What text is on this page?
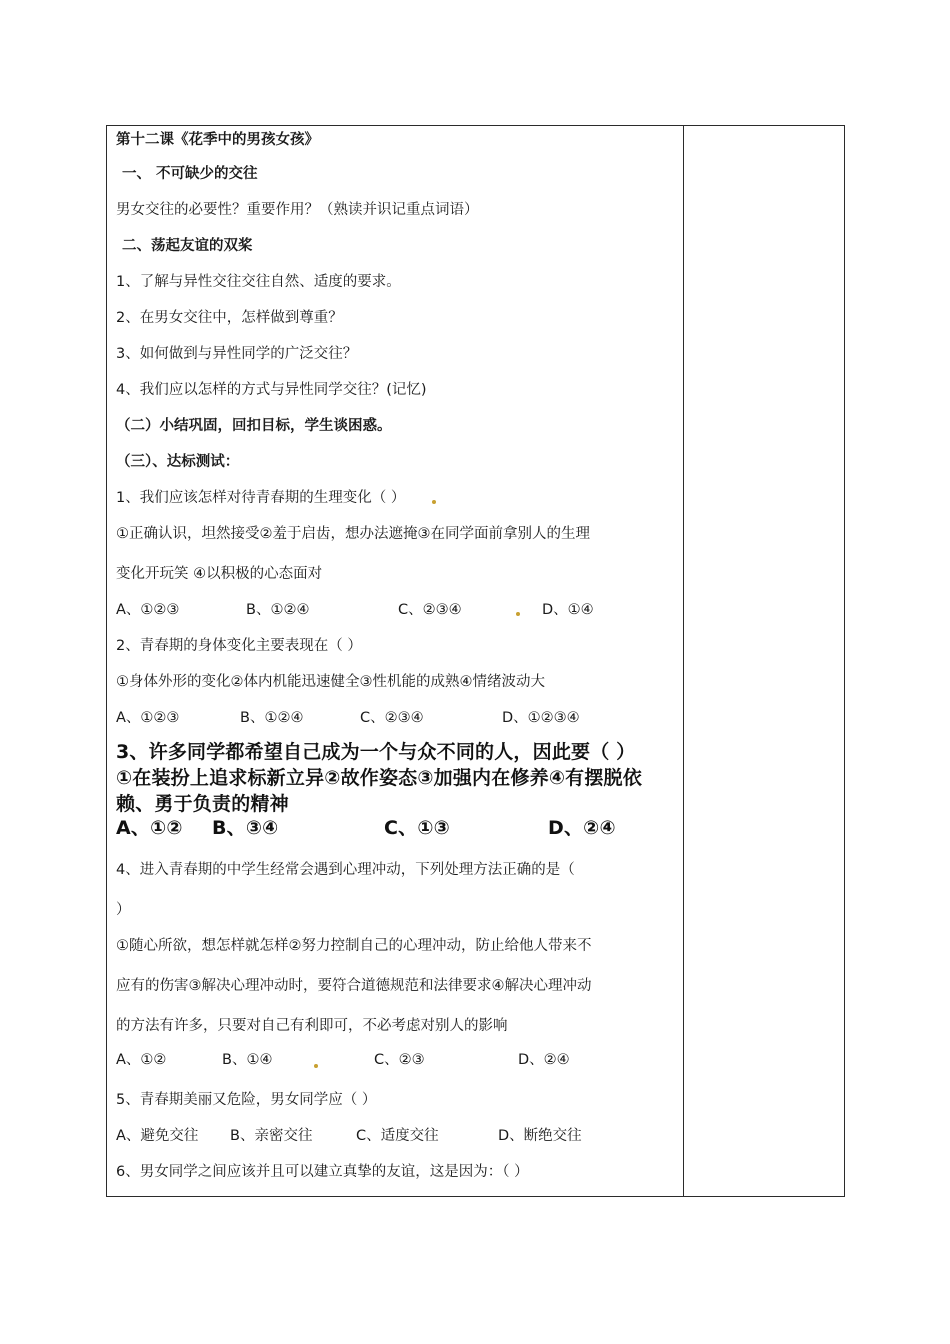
第十二课《花季中的男孩女孩》
一、 不可缺少的交往
男女交往的必要性？重要作用？（熟读并识记重点词语）
二、荡起友谊的双桨
1、了解与异性交往交往自然、适度的要求。
2、在男女交往中，怎样做到尊重？
3、如何做到与异性同学的广泛交往？
4、我们应以怎样的方式与异性同学交往？(记忆)
（二）小结巩固，回扣目标，学生谈困惑。
（三）、达标测试：
1、我们应该怎样对待青春期的生理变化（ ）
①正确认识，坦然接受②羞于启齿，想办法遮掩③在同学面前拿别人的生理
变化开玩笑 ④以积极的心态面对
A、①②③	B、①②④	C、②③④	D、①④
2、青春期的身体变化主要表现在（ ）
①身体外形的变化②体内机能迅速健全③性机能的成熟④情绪波动大
A、①②③	B、①②④	C、②③④	D、①②③④
3、许多同学都希望自己成为一个与众不同的人，因此要（ ）
①在装扮上追求标新立异②故作姿态③加强内在修养④有摆脱依
赖、勇于负责的精神
A、①② B、③④	C、①③	D、②④
4、进入青春期的中学生经常会遇到心理冲动，下列处理方法正确的是（
）
①随心所欲，想怎样就怎样②努力控制自己的心理冲动，防止给他人带来不
应有的伤害③解决心理冲动时，要符合道德规范和法律要求④解决心理冲动
的方法有许多，只要对自己有利即可，不必考虑对别人的影响
A、①②	B、①④	C、②③	D、②④
5、青春期美丽又危险，男女同学应（ ）
A、避免交往 B、亲密交往	C、适度交往	D、断绝交往
6、男女同学之间应该并且可以建立真挚的友谊，这是因为：（ ）
